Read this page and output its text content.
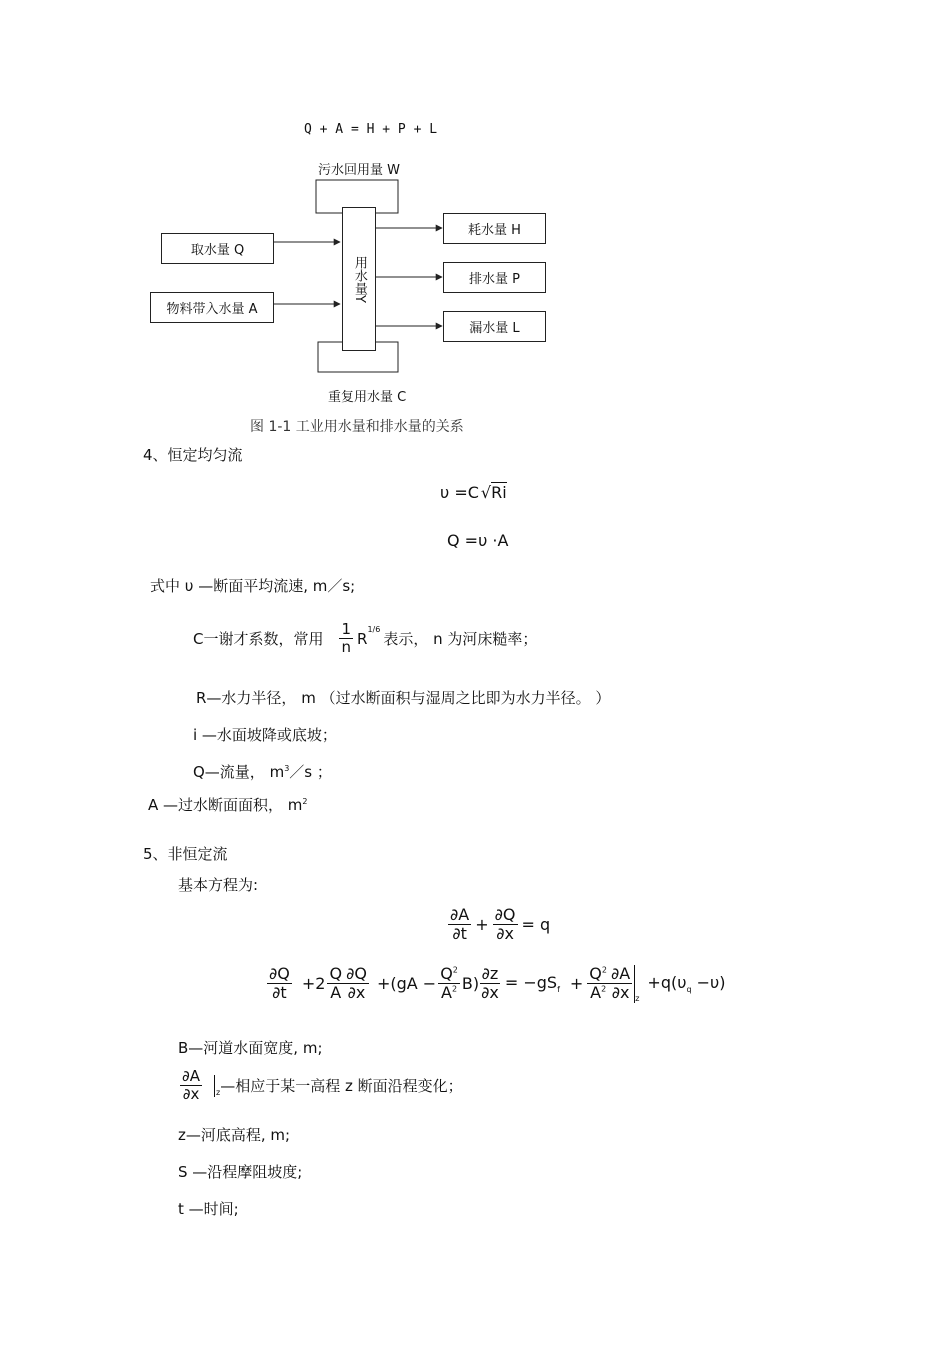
Q + A = H + P + L
污水回用量 W
用水量Y
取水量 Q
物料带入水量 A
耗水量 H
排水量 P
漏水量 L
重复用水量 C
图 1-1 工业用水量和排水量的关系
4、恒定均匀流
υ =C √ Ri
Q =υ ·A
式中 υ —断面平均流速, m／s;
C一谢才系数，常用 $\frac{1}{n}$ R
$^{1/6}$
表示， n 为河床糙率；
R—水力半径， m （过水断面积与湿周之比即为水力半径。 ）
i —水面坡降或底坡；
Q—流量， $m^3/s$ ；
A —过水断面面积， $m^2$
5、非恒定流
基本方程为:
$\frac{\partial A}{\partial t} + \frac{\partial Q}{\partial x} = q$
$\frac{\partial Q}{\partial t} +2 \frac{Q}{A} \frac{\partial Q}{\partial x} +(gA - \frac{Q^2}{A^2} B) \frac{\partial z}{\partial x} = -gS_f + \frac{Q^2}{A^2} \frac{\partial A}{\partial x}_z$
$+q(\upsilon_q -\upsilon)$
B—河道水面宽度, m;
$\frac{\partial A}{\partial x}$ z —相应于某一高程 z 断面沿程变化；
z—河底高程, m;
S —沿程摩阻坡度;
t —时间;
